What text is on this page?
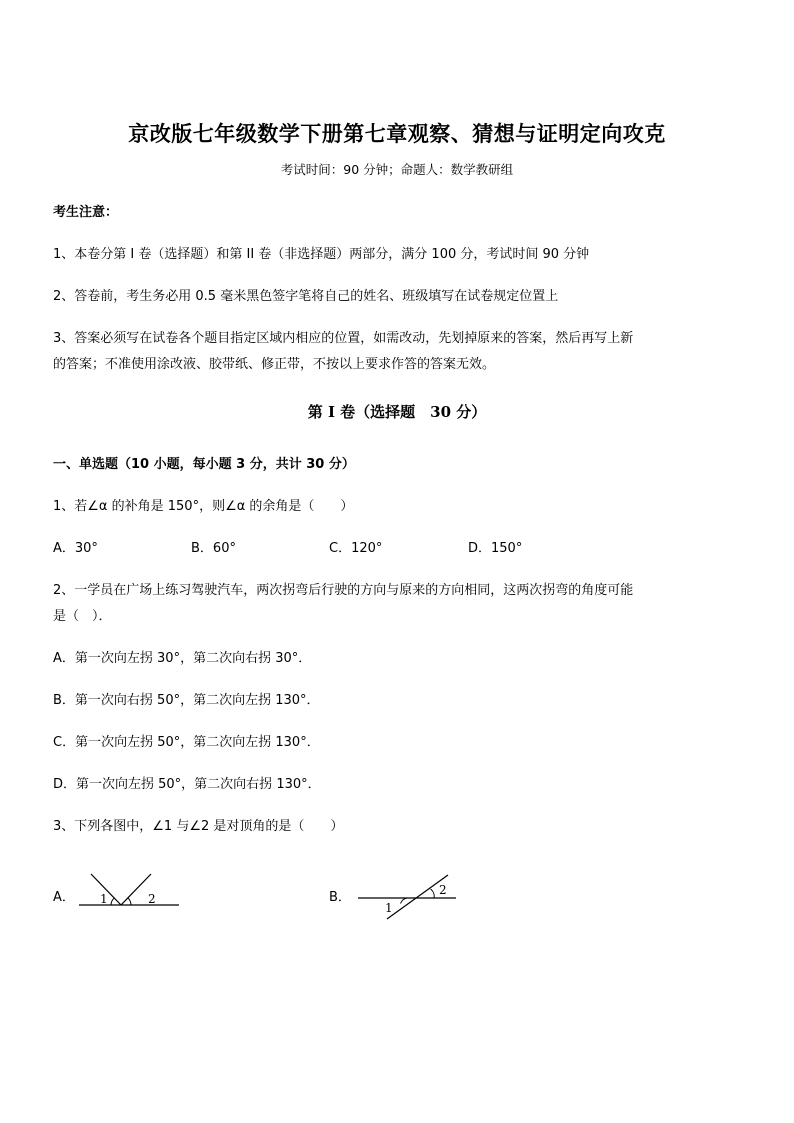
京改版七年级数学下册第七章观察、猜想与证明定向攻克
考试时间：90 分钟；命题人：数学教研组
考生注意：
1、本卷分第 I 卷（选择题）和第 II 卷（非选择题）两部分，满分 100 分，考试时间 90 分钟
2、答卷前，考生务必用 0.5 毫米黑色签字笔将自己的姓名、班级填写在试卷规定位置上
3、答案必须写在试卷各个题目指定区域内相应的位置，如需改动，先划掉原来的答案，然后再写上新
的答案；不准使用涂改液、胶带纸、修正带，不按以上要求作答的答案无效。
第 I 卷（选择题　30 分）
一、单选题（10 小题，每小题 3 分，共计 30 分）
1、若∠α 的补角是 150°，则∠α 的余角是（　　）
A．30°	B．60°	C．120°	D．150°
2、一学员在广场上练习驾驶汽车，两次拐弯后行驶的方向与原来的方向相同，这两次拐弯的角度可能
是（　）．
A．第一次向左拐 30°，第二次向右拐 30°．
B．第一次向右拐 50°，第二次向左拐 130°．
C．第一次向左拐 50°，第二次向左拐 130°．
D．第一次向左拐 50°，第二次向右拐 130°．
3、下列各图中，∠1 与∠2 是对顶角的是（　　）
A． 1	2	B．
1
2
